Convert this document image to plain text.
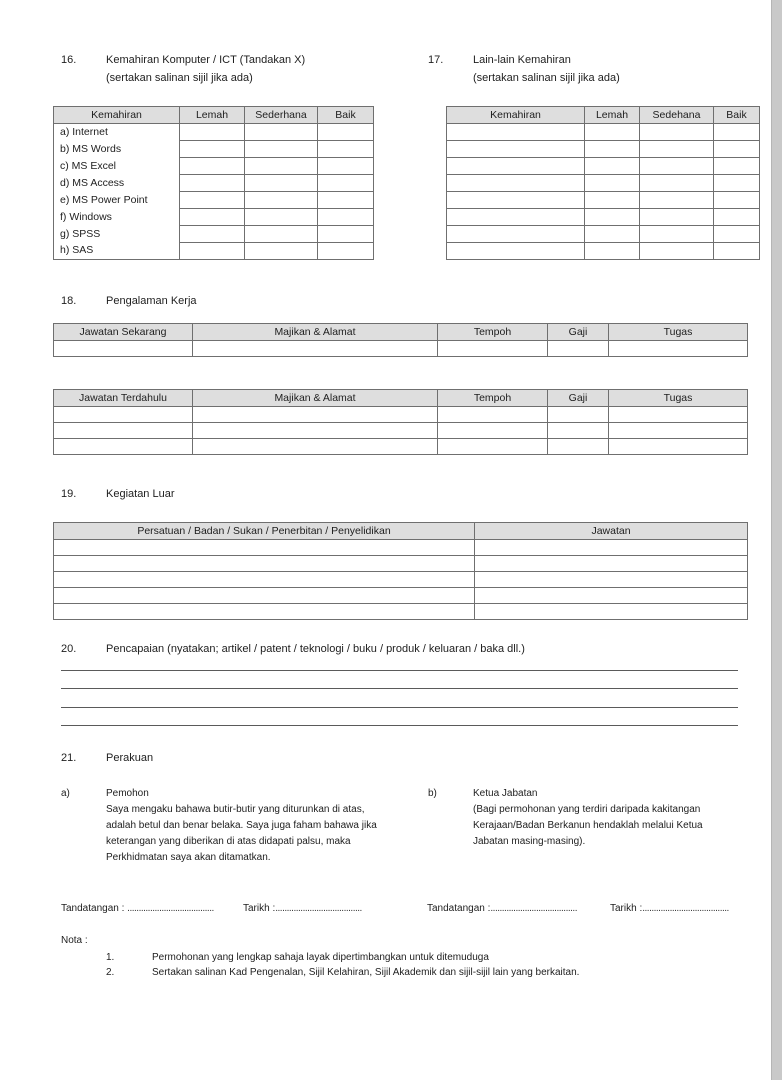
16.	Kemahiran Komputer / ICT (Tandakan X)
(sertakan salinan sijil jika ada)
Kemahiran	Lemah	Sederhana	Baik
a) Internet			
b) MS Words			
c) MS Excel			
d) MS Access			
e) MS Power Point			
f) Windows			
g) SPSS			
h) SAS			
17.	Lain-lain Kemahiran
(sertakan salinan sijil jika ada)
Kemahiran	Lemah	Sedehana	Baik

18.	Pengalaman Kerja
Jawatan Sekarang	Majikan & Alamat	Tempoh	Gaji	Tugas

Jawatan Terdahulu	Majikan & Alamat	Tempoh	Gaji	Tugas

19.	Kegiatan Luar
Persatuan / Badan / Sukan / Penerbitan / Penyelidikan	Jawatan

20.	Pencapaian (nyatakan; artikel / patent / teknologi / buku / produk / keluaran / baka dll.)
21.	Perakuan
a)	Pemohon
Saya mengaku bahawa butir-butir yang diturunkan di atas,
adalah betul dan benar belaka. Saya juga faham bahawa jika
keterangan yang diberikan di atas didapati palsu, maka
Perkhidmatan saya akan ditamatkan.
b)	Ketua Jabatan
(Bagi permohonan yang terdiri daripada kakitangan
Kerajaan/Badan Berkanun hendaklah melalui Ketua
Jabatan masing-masing).
Tandatangan : ......................................	Tarikh :......................................	Tandatangan :......................................	Tarikh :......................................
Nota :
1.	Permohonan yang lengkap sahaja layak dipertimbangkan untuk ditemuduga
2.	Sertakan salinan Kad Pengenalan, Sijil Kelahiran, Sijil Akademik dan sijil-sijil lain yang berkaitan.
